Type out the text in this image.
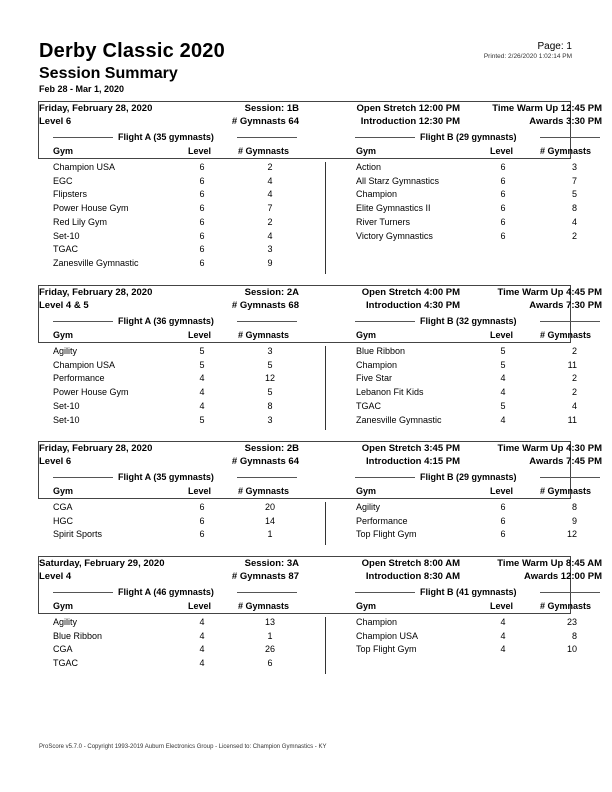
Derby Classic 2020
Session Summary
Feb 28 - Mar 1, 2020
Page: 1
Printed: 2/26/2020 1:02:14 PM
Friday, February 28, 2020	Session: 1B
Level 6	# Gymnasts 64
Open Stretch 12:00 PM
Introduction 12:30 PM
Time Warm Up 12:45 PM
Awards 3:30 PM
Flight A (35 gymnasts)	Flight B (29 gymnasts)
Gym	Level	# Gymnasts	Gym	Level	# Gymnasts
Champion USA	6	2
EGC	6	4
Flipsters	6	4
Power House Gym	6	7
Red Lily Gym	6	2
Set-10	6	4
TGAC	6	3
Zanesville Gymnastic	6	9
Action	6	3
All Starz Gymnastics	6	7
Champion	6	5
Elite Gymnastics II	6	8
River Turners	6	4
Victory Gymnastics	6	2
Friday, February 28, 2020	Session: 2A
Level 4 & 5	# Gymnasts 68
Open Stretch 4:00 PM
Introduction 4:30 PM
Time Warm Up 4:45 PM
Awards 7:30 PM
Flight A (36 gymnasts)	Flight B (32 gymnasts)
Gym	Level	# Gymnasts	Gym	Level	# Gymnasts
Agility	5	3
Champion USA	5	5
Performance	4	12
Power House Gym	4	5
Set-10	4	8
Set-10	5	3
Blue Ribbon	5	2
Champion	5	11
Five Star	4	2
Lebanon Fit Kids	4	2
TGAC	5	4
Zanesville Gymnastic	4	11
Friday, February 28, 2020	Session: 2B
Level 6	# Gymnasts 64
Open Stretch 3:45 PM
Introduction 4:15 PM
Time Warm Up 4:30 PM
Awards 7:45 PM
Flight A (35 gymnasts)	Flight B (29 gymnasts)
Gym	Level	# Gymnasts	Gym	Level	# Gymnasts
CGA	6	20
HGC	6	14
Spirit Sports	6	1
Agility	6	8
Performance	6	9
Top Flight Gym	6	12
Saturday, February 29, 2020	Session: 3A
Level 4	# Gymnasts 87
Open Stretch 8:00 AM
Introduction 8:30 AM
Time Warm Up 8:45 AM
Awards 12:00 PM
Flight A (46 gymnasts)	Flight B (41 gymnasts)
Gym	Level	# Gymnasts	Gym	Level	# Gymnasts
Agility	4	13
Blue Ribbon	4	1
CGA	4	26
TGAC	4	6
Champion	4	23
Champion USA	4	8
Top Flight Gym	4	10
ProScore v5.7.0 - Copyright 1993-2019 Auburn Electronics Group - Licensed to: Champion Gymnastics - KY
